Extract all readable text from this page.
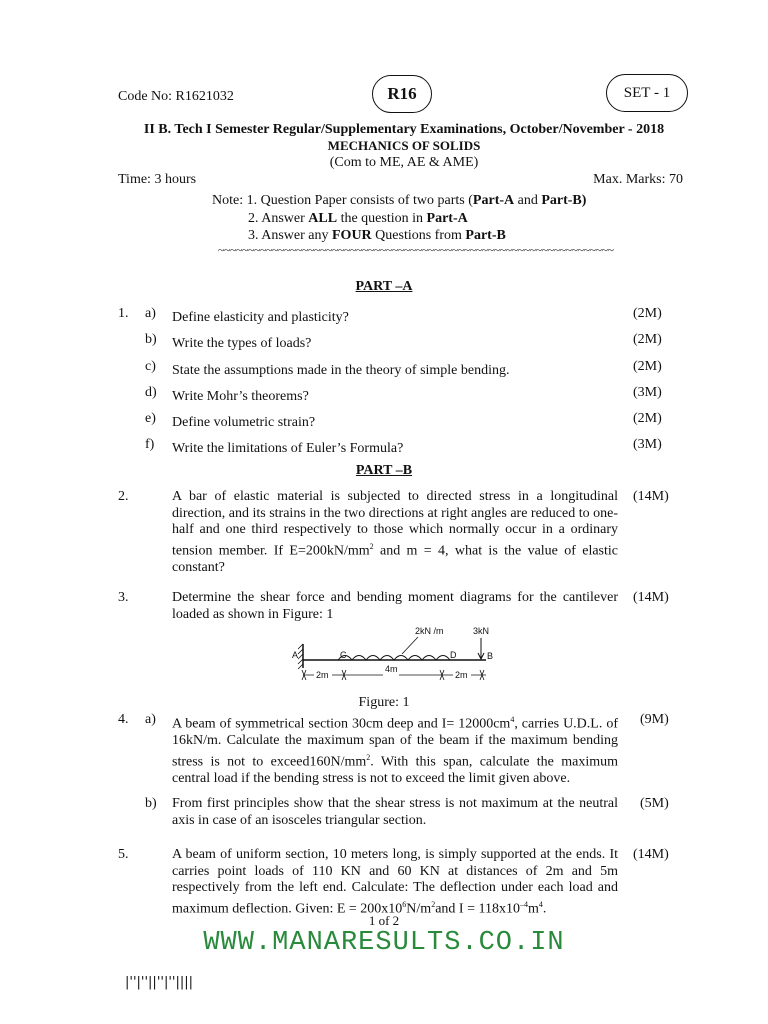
Code No: R1621032	R16	SET - 1
II B. Tech I Semester Regular/Supplementary Examinations, October/November - 2018
MECHANICS OF SOLIDS
(Com to ME, AE & AME)
Time: 3 hours	Max. Marks: 70
Note: 1. Question Paper consists of two parts (Part-A and Part-B)
2. Answer ALL the question in Part-A
3. Answer any FOUR Questions from Part-B
~~~~~~~~~~~~~~~~~~~~~~~~~~~~~~~~~~~~~~~~~~~~~~~~~~~~~~~~~~~~~~~~~~
PART –A
1. a) Define elasticity and plasticity?	(2M)
b) Write the types of loads?	(2M)
c) State the assumptions made in the theory of simple bending.	(2M)
d) Write Mohr’s theorems?	(3M)
e) Define volumetric strain?	(2M)
f) Write the limitations of Euler’s Formula?	(3M)
PART –B
2.	A bar of elastic material is subjected to directed stress in a longitudinal direction, and its strains in the two directions at right angles are reduced to one-half and one third respectively to those which normally occur in a ordinary tension member. If $E=200kN/mm^2$ and m = 4, what is the value of elastic constant?
(14M)
3.	Determine the shear force and bending moment diagrams for the cantilever loaded as shown in Figure: 1
(14M)
A	C	D
2kN /m	3kN
B
2m
4m
2m
Figure: 1
4. a) A beam of symmetrical section 30cm deep and $I= 12000cm^4$, carries U.D.L. of 16kN/m. Calculate the maximum span of the beam if the maximum bending stress is not to $exceed160N/mm^2$. With this span, calculate the maximum central load if the bending stress is not to exceed the limit given above.
(9M)
b) From first principles show that the shear stress is not maximum at the neutral axis in case of an isosceles triangular section.
(5M)
5.	A beam of uniform section, 10 meters long, is simply supported at the ends. It carries point loads of 110 KN and 60 KN at distances of 2m and 5m respectively from the left end. Calculate: The deflection under each load and maximum deflection. Given: $E = 200x10^6N/m^2and$ $I = 118x10^{-4}m^4$.
(14M)
1 of 2
WWW.MANARESULTS.CO.IN
|''|''||''|''||||
